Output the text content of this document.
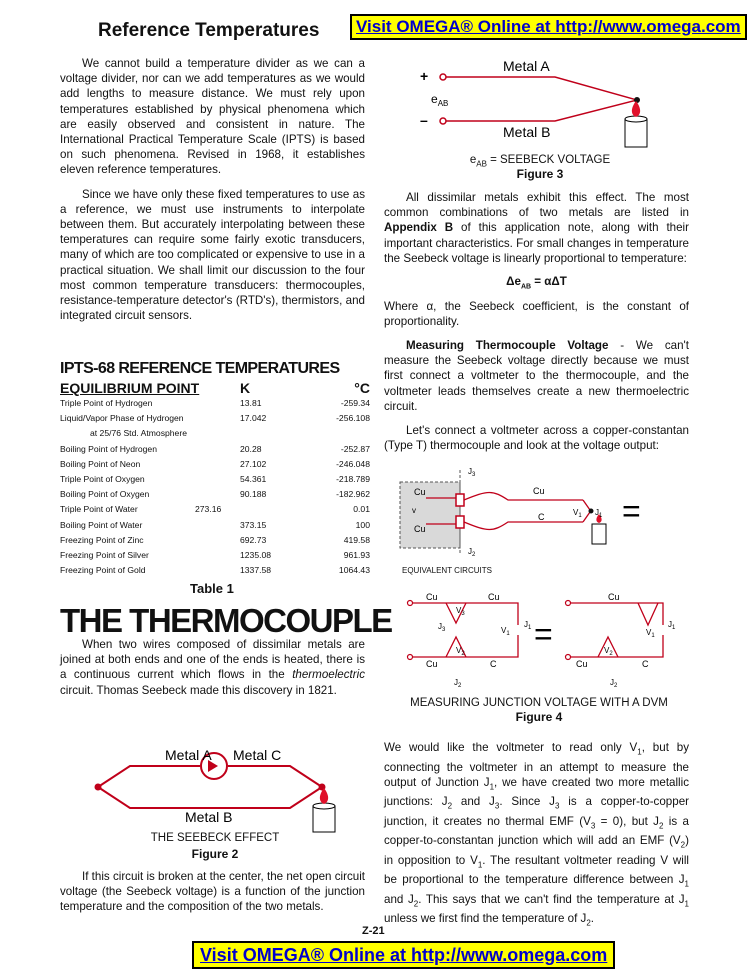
Visit OMEGA® Online at http://www.omega.com
Reference Temperatures

We cannot build a temperature divider as we can a voltage divider, nor can we add temperatures as we would add lengths to measure distance. We must rely upon temperatures established by physical phenomena which are easily observed and consistent in nature. The International Practical Temperature Scale (IPTS) is based on such phenomena. Revised in 1968, it establishes eleven reference temperatures.

Since we have only these fixed temperatures to use as a reference, we must use instruments to interpolate between them. But accurately interpolating between these temperatures can require some fairly exotic transducers, many of which are too complicated or expensive to use in a practical situation. We shall limit our discussion to the four most common temperature transducers: thermocouples, resistance-temperature detector's (RTD's), thermistors, and integrated circuit sensors.

IPTS-68 REFERENCE TEMPERATURES
EQUILIBRIUM POINT	K	°C
Triple Point of Hydrogen	13.81	-259.34
Liquid/Vapor Phase of Hydrogen	17.042	-256.108
at 25/76 Std. Atmosphere
Boiling Point of Hydrogen	20.28	-252.87
Boiling Point of Neon	27.102	-246.048
Triple Point of Oxygen	54.361	-218.789
Boiling Point of Oxygen	90.188	-182.962
Triple Point of Water	273.16	0.01
Boiling Point of Water	373.15	100
Freezing Point of Zinc	692.73	419.58
Freezing Point of Silver	1235.08	961.93
Freezing Point of Gold	1337.58	1064.43
Table 1
THE THERMOCOUPLE

When two wires composed of dissimilar metals are joined at both ends and one of the ends is heated, there is a continuous current which flows in the thermoelectric circuit. Thomas Seebeck made this discovery in 1821.

Metal A Metal C
Metal B
THE SEEBECK EFFECT
Figure 2

If this circuit is broken at the center, the net open circuit voltage (the Seebeck voltage) is a function of the junction temperature and the composition of the two metals.

+
–
$e_{AB}$
Metal A
Metal B
$e_{AB}$ = SEEBECK VOLTAGE
Figure 3

All dissimilar metals exhibit this effect. The most common combinations of two metals are listed in Appendix B of this application note, along with their important characteristics. For small changes in temperature the Seebeck voltage is linearly proportional to temperature:

$\Delta e_{AB} = \alpha\Delta T$

Where α, the Seebeck coefficient, is the constant of proportionality.

Measuring Thermocouple Voltage - We can't measure the Seebeck voltage directly because we must first connect a voltmeter to the thermocouple, and the voltmeter leads themselves create a new thermoelectric circuit.

Let's connect a voltmeter across a copper-constantan (Type T) thermocouple and look at the voltage output:

$J_3$
$J_2$
Cu
Cu
v
Cu
C	$V_1$ $J_1$ =
EQUIVALENT CIRCUITS
Cu	Cu
Cu	C
$V_3$
$J_3$
$V_2$
$J_2$
$V_1$
$J_1$ =
Cu
Cu	C
$V_1$
$J_1$
$V_2$
$J_2$
MEASURING JUNCTION VOLTAGE WITH A DVM
Figure 4

We would like the voltmeter to read only $V_1$, but by connecting the voltmeter in an attempt to measure the output of Junction $J_1$, we have created two more metallic junctions: $J_2$ and $J_3$. Since $J_3$ is a copper-to-copper junction, it creates no thermal EMF $(V_3 = 0)$, but $J_2$ is a copper-to-constantan junction which will add an EMF $(V_2)$ in opposition to $V_1$. The resultant voltmeter reading V will be proportional to the temperature difference between $J_1$ and $J_2$. This says that we can't find the temperature at $J_1$ unless we first find the temperature of $J_2$.

Z-21
Visit OMEGA® Online at http://www.omega.com
